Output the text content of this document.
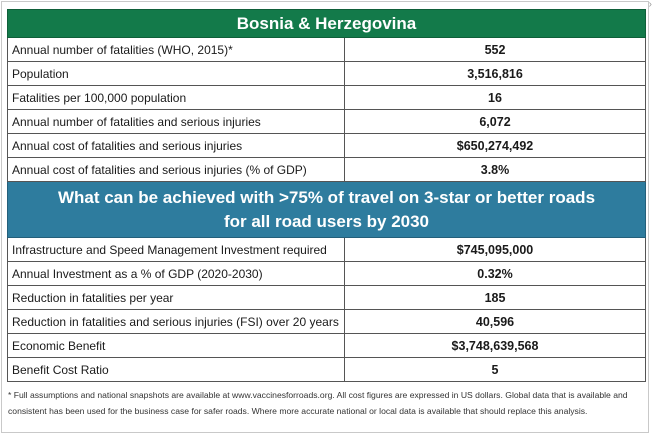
›
Bosnia & Herzegovina	
Annual number of fatalities (WHO, 2015)*	552
Population	3,516,816
Fatalities per 100,000 population	16
Annual number of fatalities and serious injuries	6,072
Annual cost of fatalities and serious injuries	$650,274,492
Annual cost of fatalities and serious injuries (% of GDP)	3.8%

What can be achieved with >75% of travel on 3-star or better roads
for all road users by 2030	

Infrastructure and Speed Management Investment required	$745,095,000
Annual Investment as a % of GDP (2020-2030)	0.32%
Reduction in fatalities per year	185
Reduction in fatalities and serious injuries (FSI) over 20 years	40,596
Economic Benefit	$3,748,639,568
Benefit Cost Ratio	5
* Full assumptions and national snapshots are available at www.vaccinesforroads.org. All cost figures are expressed in US dollars. Global data that is available and consistent has been used for the business case for safer roads. Where more accurate national or local data is available that should replace this analysis.
